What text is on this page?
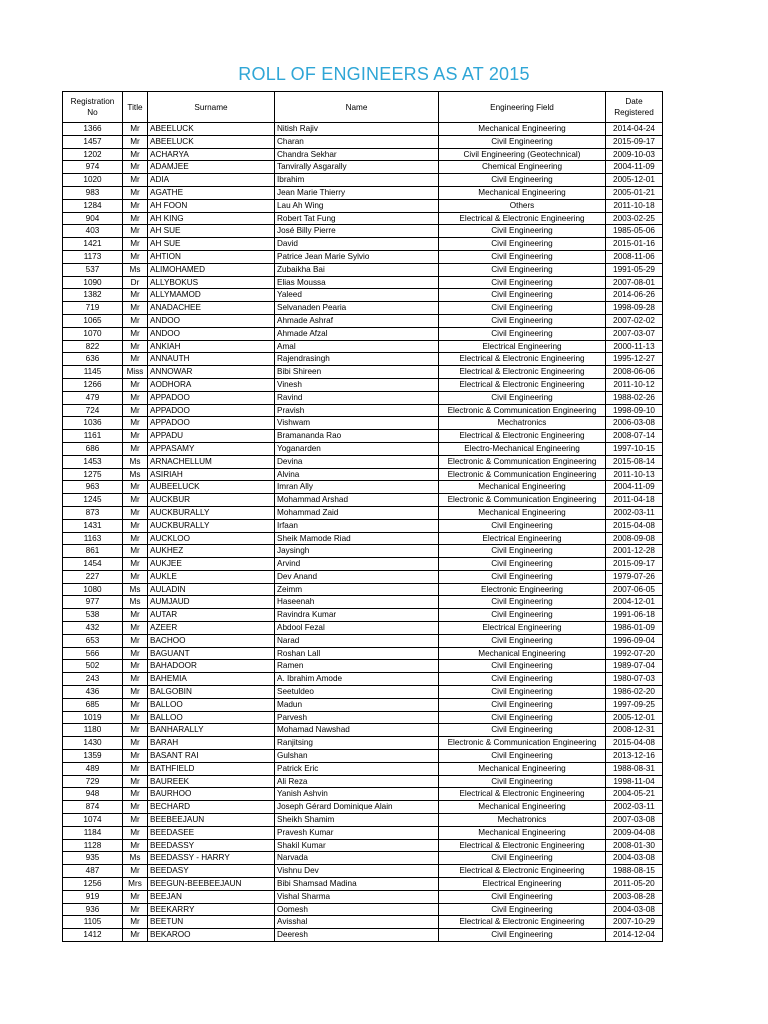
ROLL OF ENGINEERS AS AT 2015
Registration No	Title	Surname	Name	Engineering Field	Date Registered
1366	Mr	ABEELUCK	Nitish Rajiv	Mechanical Engineering	2014-04-24
1457	Mr	ABEELUCK	Charan	Civil Engineering	2015-09-17
1202	Mr	ACHARYA	Chandra Sekhar	Civil Engineering (Geotechnical)	2009-10-03
974	Mr	ADAMJEE	Tanvirally Asgarally	Chemical Engineering	2004-11-09
1020	Mr	ADIA	Ibrahim	Civil Engineering	2005-12-01
983	Mr	AGATHE	Jean Marie Thierry	Mechanical Engineering	2005-01-21
1284	Mr	AH FOON	Lau Ah Wing	Others	2011-10-18
904	Mr	AH KING	Robert Tat Fung	Electrical & Electronic Engineering	2003-02-25
403	Mr	AH SUE	José Billy Pierre	Civil Engineering	1985-05-06
1421	Mr	AH SUE	David	Civil Engineering	2015-01-16
1173	Mr	AHTION	Patrice Jean Marie Sylvio	Civil Engineering	2008-11-06
537	Ms	ALIMOHAMED	Zubaikha Bai	Civil Engineering	1991-05-29
1090	Dr	ALLYBOKUS	Elias Moussa	Civil Engineering	2007-08-01
1382	Mr	ALLYMAMOD	Yaleed	Civil Engineering	2014-06-26
719	Mr	ANADACHEE	Selvanaden Pearia	Civil Engineering	1998-09-28
1065	Mr	ANDOO	Ahmade Ashraf	Civil Engineering	2007-02-02
1070	Mr	ANDOO	Ahmade Afzal	Civil Engineering	2007-03-07
822	Mr	ANKIAH	Amal	Electrical Engineering	2000-11-13
636	Mr	ANNAUTH	Rajendrasingh	Electrical & Electronic Engineering	1995-12-27
1145	Miss	ANNOWAR	Bibi Shireen	Electrical & Electronic Engineering	2008-06-06
1266	Mr	AODHORA	Vinesh	Electrical & Electronic Engineering	2011-10-12
479	Mr	APPADOO	Ravind	Civil Engineering	1988-02-26
724	Mr	APPADOO	Pravish	Electronic & Communication Engineering	1998-09-10
1036	Mr	APPADOO	Vishwam	Mechatronics	2006-03-08
1161	Mr	APPADU	Bramananda Rao	Electrical & Electronic Engineering	2008-07-14
686	Mr	APPASAMY	Yoganarden	Electro-Mechanical Engineering	1997-10-15
1453	Ms	ARNACHELLUM	Devina	Electronic & Communication Engineering	2015-08-14
1275	Ms	ASIRIAH	Alvina	Electronic & Communication Engineering	2011-10-13
963	Mr	AUBEELUCK	Imran Ally	Mechanical Engineering	2004-11-09
1245	Mr	AUCKBUR	Mohammad Arshad	Electronic & Communication Engineering	2011-04-18
873	Mr	AUCKBURALLY	Mohammad Zaid	Mechanical Engineering	2002-03-11
1431	Mr	AUCKBURALLY	Irfaan	Civil Engineering	2015-04-08
1163	Mr	AUCKLOO	Sheik Mamode Riad	Electrical Engineering	2008-09-08
861	Mr	AUKHEZ	Jaysingh	Civil Engineering	2001-12-28
1454	Mr	AUKJEE	Arvind	Civil Engineering	2015-09-17
227	Mr	AUKLE	Dev Anand	Civil Engineering	1979-07-26
1080	Ms	AULADIN	Zeimm	Electronic Engineering	2007-06-05
977	Ms	AUMJAUD	Haseenah	Civil Engineering	2004-12-01
538	Mr	AUTAR	Ravindra Kumar	Civil Engineering	1991-06-18
432	Mr	AZEER	Abdool Fezal	Electrical Engineering	1986-01-09
653	Mr	BACHOO	Narad	Civil Engineering	1996-09-04
566	Mr	BAGUANT	Roshan Lall	Mechanical Engineering	1992-07-20
502	Mr	BAHADOOR	Ramen	Civil Engineering	1989-07-04
243	Mr	BAHEMIA	A. Ibrahim Amode	Civil Engineering	1980-07-03
436	Mr	BALGOBIN	Seetuldeo	Civil Engineering	1986-02-20
685	Mr	BALLOO	Madun	Civil Engineering	1997-09-25
1019	Mr	BALLOO	Parvesh	Civil Engineering	2005-12-01
1180	Mr	BANHARALLY	Mohamad Nawshad	Civil Engineering	2008-12-31
1430	Mr	BARAH	Ranjitsing	Electronic & Communication Engineering	2015-04-08
1359	Mr	BASANT RAI	Gulshan	Civil Engineering	2013-12-16
489	Mr	BATHFIELD	Patrick Eric	Mechanical Engineering	1988-08-31
729	Mr	BAUREEK	Ali Reza	Civil Engineering	1998-11-04
948	Mr	BAURHOO	Yanish Ashvin	Electrical & Electronic Engineering	2004-05-21
874	Mr	BECHARD	Joseph Gérard Dominique Alain	Mechanical Engineering	2002-03-11
1074	Mr	BEEBEEJAUN	Sheikh Shamim	Mechatronics	2007-03-08
1184	Mr	BEEDASEE	Pravesh Kumar	Mechanical Engineering	2009-04-08
1128	Mr	BEEDASSY	Shakil Kumar	Electrical & Electronic Engineering	2008-01-30
935	Ms	BEEDASSY - HARRY	Narvada	Civil Engineering	2004-03-08
487	Mr	BEEDASY	Vishnu Dev	Electrical & Electronic Engineering	1988-08-15
1256	Mrs	BEEGUN-BEEBEEJAUN	Bibi Shamsad Madina	Electrical Engineering	2011-05-20
919	Mr	BEEJAN	Vishal Sharma	Civil Engineering	2003-08-28
936	Mr	BEEKARRY	Oomesh	Civil Engineering	2004-03-08
1105	Mr	BEETUN	Avisshal	Electrical & Electronic Engineering	2007-10-29
1412	Mr	BEKAROO	Deeresh	Civil Engineering	2014-12-04
